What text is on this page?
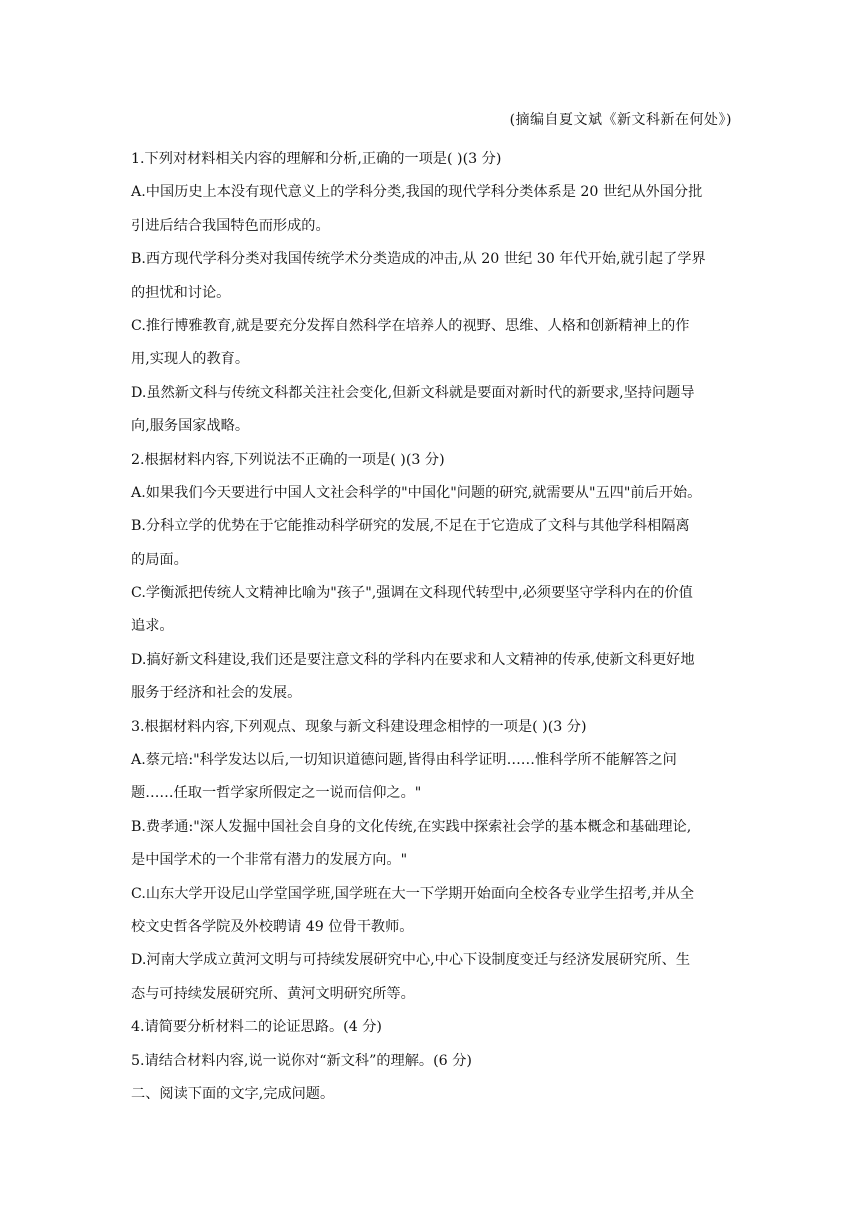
(摘编自夏文斌《新文科新在何处》)
1.下列对材料相关内容的理解和分析,正确的一项是( )(3 分)
A.中国历史上本没有现代意义上的学科分类,我国的现代学科分类体系是 20 世纪从外国分批
引进后结合我国特色而形成的。
B.西方现代学科分类对我国传统学术分类造成的冲击,从 20 世纪 30 年代开始,就引起了学界
的担忧和讨论。
C.推行博雅教育,就是要充分发挥自然科学在培养人的视野、思维、人格和创新精神上的作
用,实现人的教育。
D.虽然新文科与传统文科都关注社会变化,但新文科就是要面对新时代的新要求,坚持问题导
向,服务国家战略。
2.根据材料内容,下列说法不正确的一项是( )(3 分)
A.如果我们今天要进行中国人文社会科学的"中国化"问题的研究,就需要从"五四"前后开始。
B.分科立学的优势在于它能推动科学研究的发展,不足在于它造成了文科与其他学科相隔离
的局面。
C.学衡派把传统人文精神比喻为"孩子",强调在文科现代转型中,必须要坚守学科内在的价值
追求。
D.搞好新文科建设,我们还是要注意文科的学科内在要求和人文精神的传承,使新文科更好地
服务于经济和社会的发展。
3.根据材料内容,下列观点、现象与新文科建设理念相悖的一项是( )(3 分)
A.蔡元培:"科学发达以后,一切知识道德问题,皆得由科学证明……惟科学所不能解答之问
题……任取一哲学家所假定之一说而信仰之。"
B.费孝通:"深人发掘中国社会自身的文化传统,在实践中探索社会学的基本概念和基础理论,
是中国学术的一个非常有潜力的发展方向。"
C.山东大学开设尼山学堂国学班,国学班在大一下学期开始面向全校各专业学生招考,并从全
校文史哲各学院及外校聘请 49 位骨干教师。
D.河南大学成立黄河文明与可持续发展研究中心,中心下设制度变迁与经济发展研究所、生
态与可持续发展研究所、黄河文明研究所等。
4.请简要分析材料二的论证思路。(4 分)
5.请结合材料内容,说一说你对“新文科”的理解。(6 分)
二、阅读下面的文字,完成问题。
